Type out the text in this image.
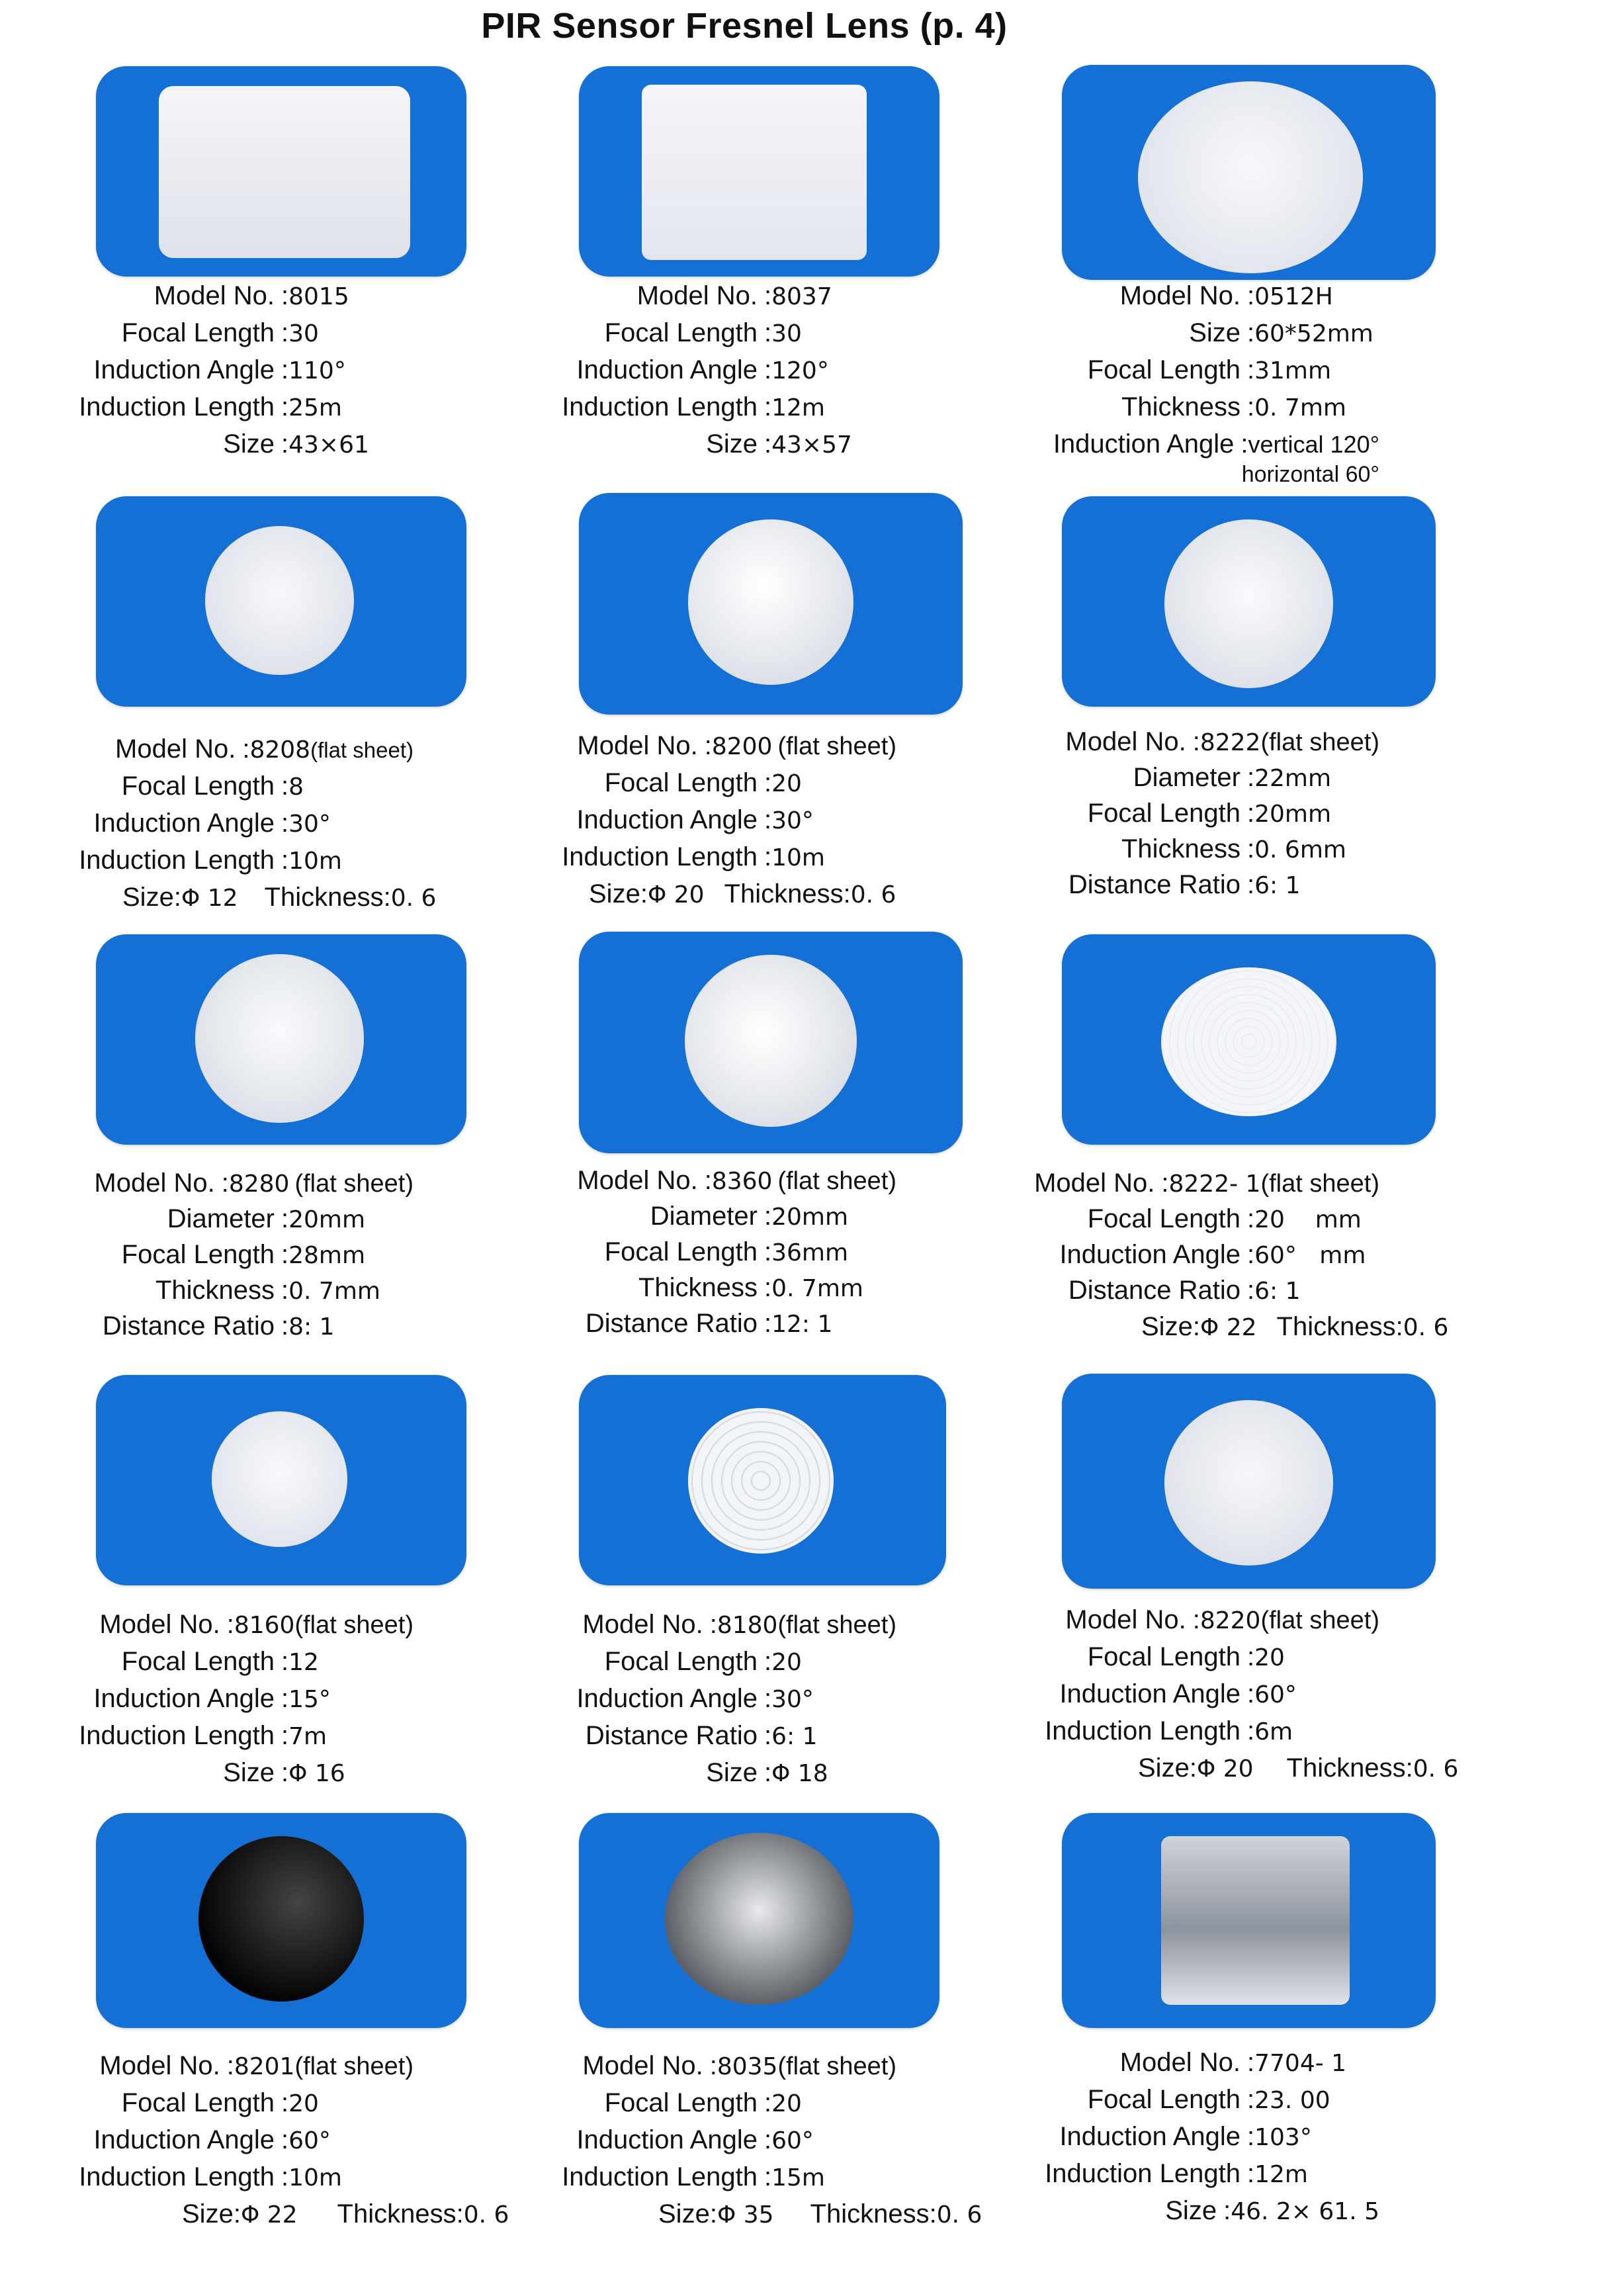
PIR Sensor Fresnel Lens (p. 4)
Model No. : 8015
Focal Length : 30
Induction Angle : 110°
Induction Length : 25m
Size : 43×61
Model No. : 8037
Focal Length : 30
Induction Angle : 120°
Induction Length : 12m
Size : 43×57
Model No. : 0512H
Size : 60*52mm
Focal Length : 31mm
Thickness : 0. 7mm
Induction Angle : vertical 120°
horizontal 60°
Model No. : 8208 (flat sheet)
Focal Length : 8
Induction Angle : 30°
Induction Length : 10m
Size : Φ 12 Thickness : 0. 6
Model No. : 8200 (flat sheet)
Focal Length : 20
Induction Angle : 30°
Induction Length : 10m
Size : Φ 20 Thickness : 0. 6
Model No. : 8222 (flat sheet)
Diameter : 22mm
Focal Length : 20mm
Thickness : 0. 6mm
Distance Ratio : 6: 1
Model No. : 8280 (flat sheet)
Diameter : 20mm
Focal Length : 28mm
Thickness : 0. 7mm
Distance Ratio : 8: 1
Model No. : 8360 (flat sheet)
Diameter : 20mm
Focal Length : 36mm
Thickness : 0. 7mm
Distance Ratio : 12: 1
Model No. : 8222- 1 (flat sheet)
Focal Length : 20    mm
Induction Angle : 60°   mm
Distance Ratio : 6: 1
Size : Φ 22 Thickness : 0. 6
Model No. : 8160 (flat sheet)
Focal Length : 12
Induction Angle : 15°
Induction Length : 7m
Size : Φ 16
Model No. : 8180 (flat sheet)
Focal Length : 20
Induction Angle : 30°
Distance Ratio : 6: 1
Size : Φ 18
Model No. : 8220 (flat sheet)
Focal Length : 20
Induction Angle : 60°
Induction Length : 6m
Size : Φ 20 Thickness : 0. 6
Model No. : 8201 (flat sheet)
Focal Length : 20
Induction Angle : 60°
Induction Length : 10m
Size : Φ 22 Thickness : 0. 6
Model No. : 8035 (flat sheet)
Focal Length : 20
Induction Angle : 60°
Induction Length : 15m
Size : Φ 35 Thickness : 0. 6
Model No. : 7704- 1
Focal Length : 23. 00
Induction Angle : 103°
Induction Length : 12m
Size : 46. 2× 61. 5
